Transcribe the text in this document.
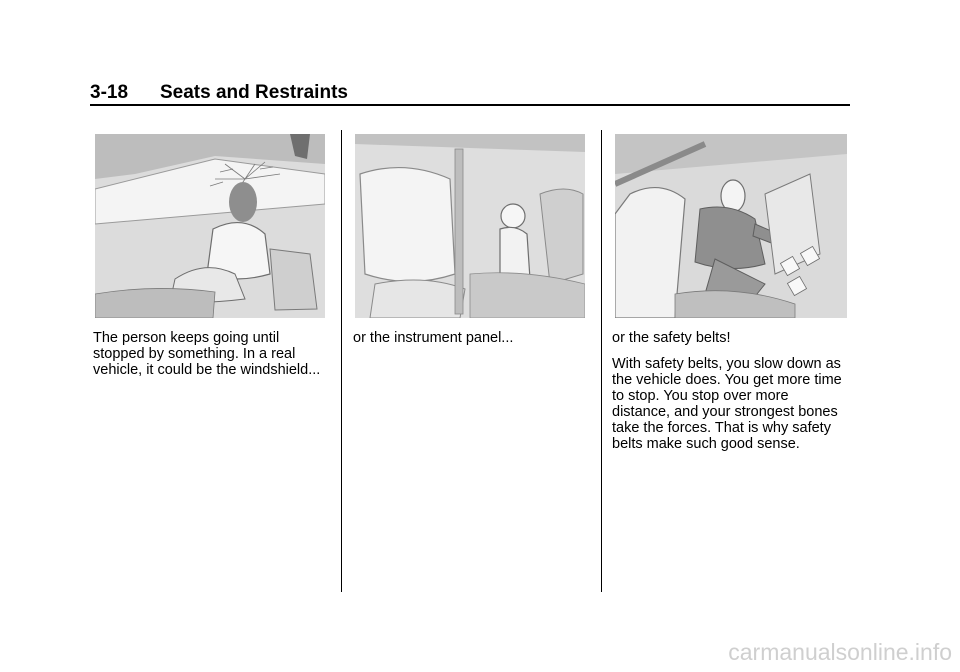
3-18 Seats and Restraints

The person keeps going until stopped by something. In a real vehicle, it could be the windshield...

or the instrument panel...	or the safety belts!

With safety belts, you slow down as the vehicle does. You get more time to stop. You stop over more distance, and your strongest bones take the forces. That is why safety belts make such good sense.

carmanualsonline.info
